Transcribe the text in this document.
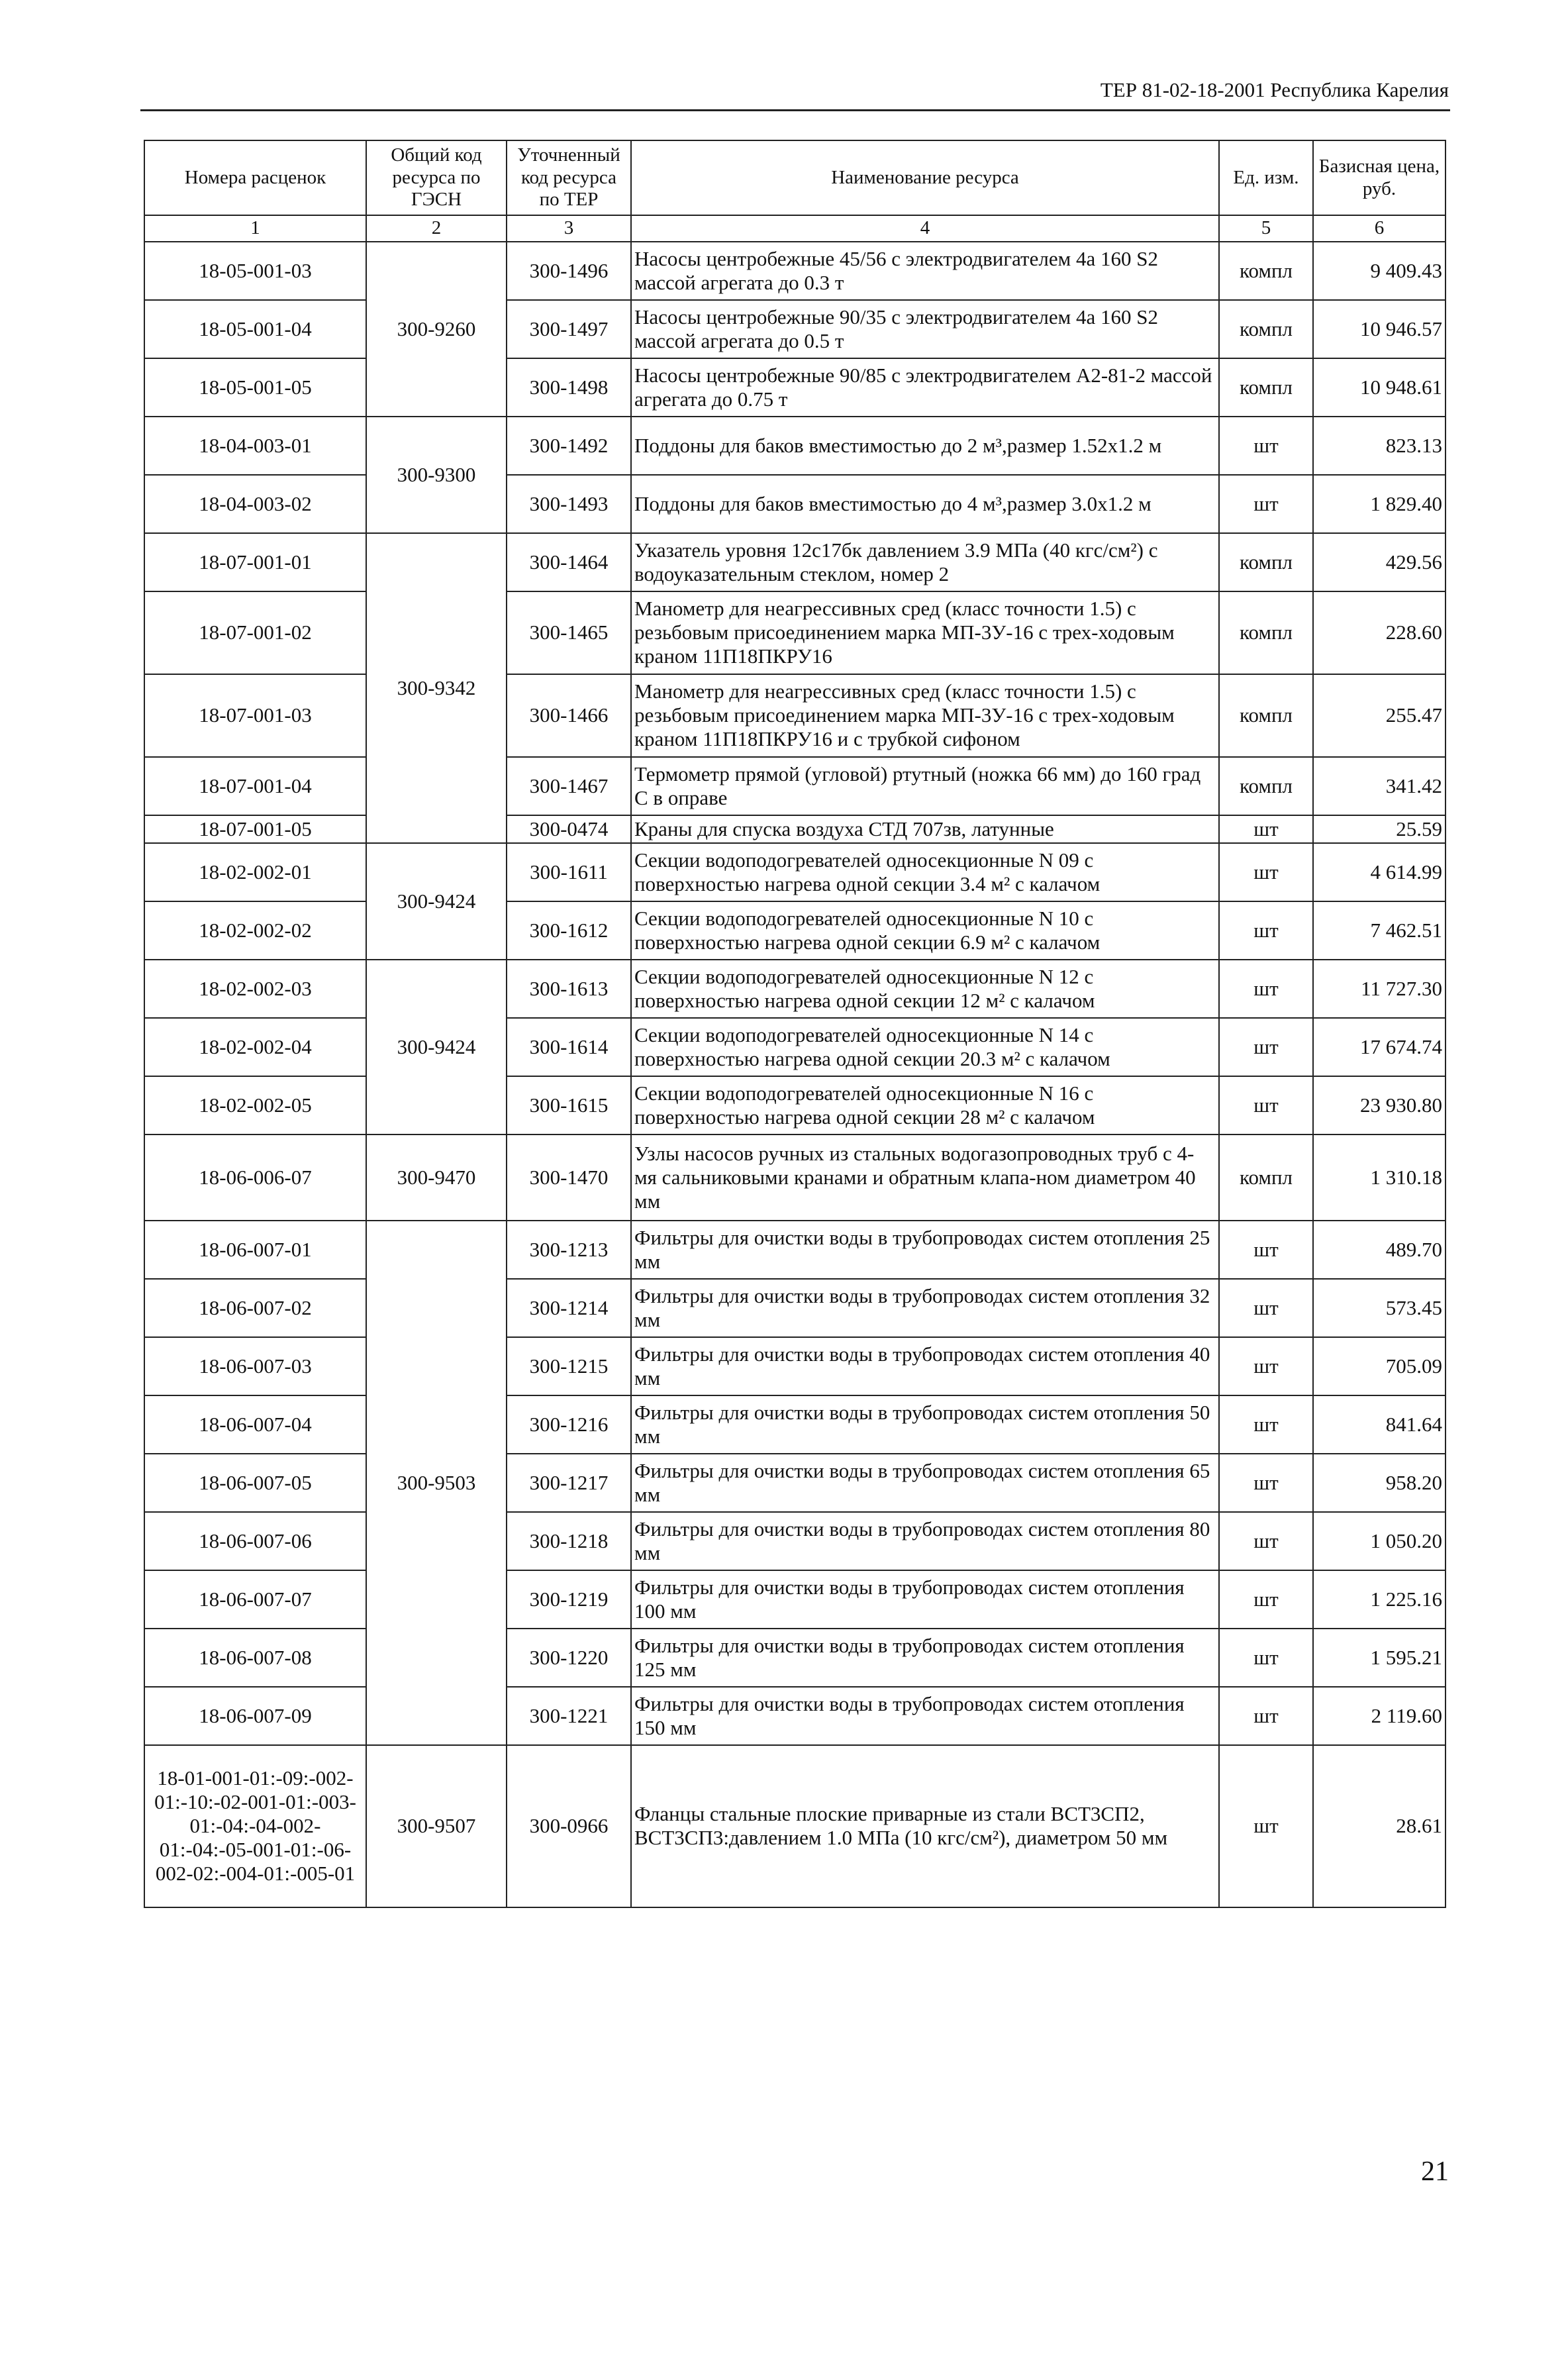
ТЕР 81-02-18-2001 Республика Карелия
Номера расценок	Общий код ресурса по ГЭСН	Уточненный код ресурса по ТЕР	Наименование ресурса	Ед. изм.	Базисная цена, руб.
1	2	3	4	5	6
18-05-001-03	300-9260	300-1496	Насосы центробежные 45/56 с электродвигателем 4а 160 S2 массой агрегата до 0.3 т	компл	9 409.43
18-05-001-04		300-1497	Насосы центробежные 90/35 с электродвигателем 4а 160 S2 массой агрегата до 0.5 т	компл	10 946.57
18-05-001-05		300-1498	Насосы центробежные 90/85 с электродвигателем А2-81-2 массой агрегата до 0.75 т	компл	10 948.61
18-04-003-01	300-9300	300-1492	Поддоны для баков вместимостью до 2 м³,размер 1.52х1.2 м	шт	823.13
18-04-003-02		300-1493	Поддоны для баков вместимостью до 4 м³,размер 3.0х1.2 м	шт	1 829.40
18-07-001-01	300-9342	300-1464	Указатель уровня 12с17бк давлением 3.9 МПа (40 кгс/см²) с водоуказательным стеклом, номер 2	компл	429.56
18-07-001-02		300-1465	Манометр для неагрессивных сред (класс точности 1.5) с резьбовым присоединением марка МП-3У-16 с трех-ходовым краном 11П18ПКРУ16	компл	228.60
18-07-001-03		300-1466	Манометр для неагрессивных сред (класс точности 1.5) с резьбовым присоединением марка МП-3У-16 с трех-ходовым краном 11П18ПКРУ16 и с трубкой сифоном	компл	255.47
18-07-001-04		300-1467	Термометр прямой (угловой) ртутный (ножка 66 мм) до 160 град С в оправе	компл	341.42
18-07-001-05		300-0474	Краны для спуска воздуха СТД 707зв, латунные	шт	25.59
18-02-002-01	300-9424	300-1611	Секции водоподогревателей односекционные N 09 с поверхностью нагрева одной секции 3.4 м² с калачом	шт	4 614.99
18-02-002-02		300-1612	Секции водоподогревателей односекционные N 10 с поверхностью нагрева одной секции 6.9 м² с калачом	шт	7 462.51
18-02-002-03	300-9424	300-1613	Секции водоподогревателей односекционные N 12 с поверхностью нагрева одной секции 12 м² с калачом	шт	11 727.30
18-02-002-04		300-1614	Секции водоподогревателей односекционные N 14 с поверхностью нагрева одной секции 20.3 м² с калачом	шт	17 674.74
18-02-002-05		300-1615	Секции водоподогревателей односекционные N 16 с поверхностью нагрева одной секции 28 м² с калачом	шт	23 930.80
18-06-006-07	300-9470	300-1470	Узлы насосов ручных из стальных водогазопроводных труб с 4-мя сальниковыми кранами и обратным клапа-ном диаметром 40 мм	компл	1 310.18
18-06-007-01	300-9503	300-1213	Фильтры для очистки воды в трубопроводах систем отопления 25 мм	шт	489.70
18-06-007-02		300-1214	Фильтры для очистки воды в трубопроводах систем отопления 32 мм	шт	573.45
18-06-007-03		300-1215	Фильтры для очистки воды в трубопроводах систем отопления 40 мм	шт	705.09
18-06-007-04		300-1216	Фильтры для очистки воды в трубопроводах систем отопления 50 мм	шт	841.64
18-06-007-05		300-1217	Фильтры для очистки воды в трубопроводах систем отопления 65 мм	шт	958.20
18-06-007-06		300-1218	Фильтры для очистки воды в трубопроводах систем отопления 80 мм	шт	1 050.20
18-06-007-07		300-1219	Фильтры для очистки воды в трубопроводах систем отопления 100 мм	шт	1 225.16
18-06-007-08		300-1220	Фильтры для очистки воды в трубопроводах систем отопления 125 мм	шт	1 595.21
18-06-007-09		300-1221	Фильтры для очистки воды в трубопроводах систем отопления 150 мм	шт	2 119.60
18-01-001-01:-09:-002-01:-10:-02-001-01:-003-01:-04:-04-002-01:-04:-05-001-01:-06-002-02:-004-01:-005-01	300-9507	300-0966	Фланцы стальные плоские приварные из стали ВСТ3СП2, ВСТ3СП3:давлением 1.0 МПа (10 кгс/см²), диаметром 50 мм	шт	28.61
21
